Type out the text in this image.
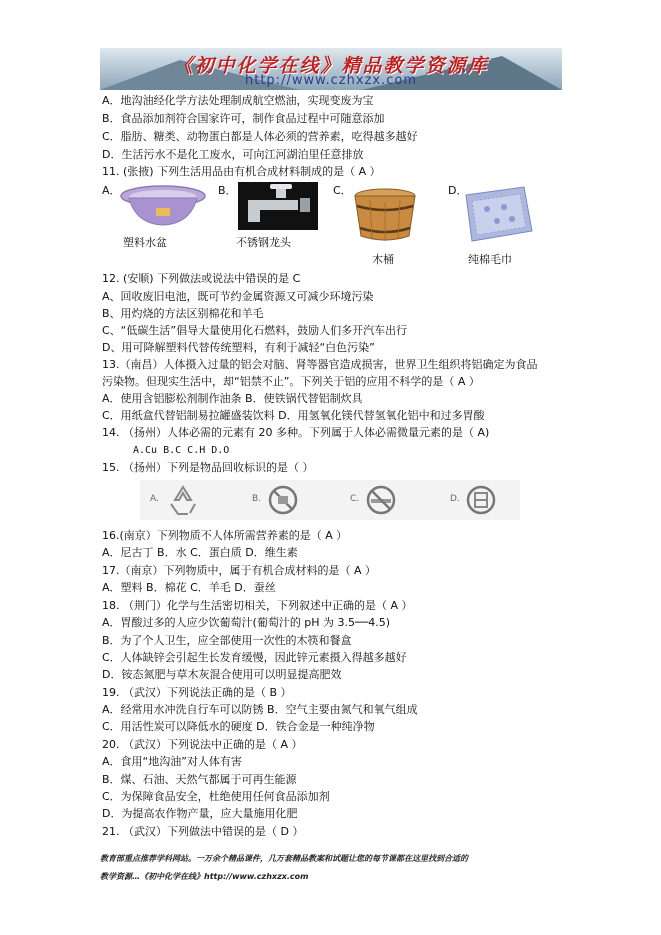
《初中化学在线》精品教学资源库
http://www.czhxzx.com
A．地沟油经化学方法处理制成航空燃油，实现变废为宝
B．食品添加剂符合国家许可，制作食品过程中可随意添加
C．脂肪、糖类、动物蛋白都是人体必须的营养素，吃得越多越好
D．生活污水不是化工废水，可向江河湖泊里任意排放
11. (张掖) 下列生活用品由有机合成材料制成的是（ A ）
A．	B．	C．	D．
塑料水盆	不锈钢龙头
木桶	纯棉毛巾
12. (安顺) 下列做法或说法中错误的是 C
A、回收废旧电池，既可节约金属资源又可减少环境污染
B、用灼烧的方法区别棉花和羊毛
C、“低碳生活”倡导大量使用化石燃料，鼓励人们多开汽车出行
D、用可降解塑料代替传统塑料，有利于减轻“白色污染”
13.（南昌）人体摄入过量的铝会对脑、肾等器官造成损害，世界卫生组织将铝确定为食品
污染物。但现实生活中，却“铝禁不止”。下列关于铝的应用不科学的是（ A ）
A．使用含铝膨松剂制作油条 B．使铁锅代替铝制炊具
C．用纸盒代替铝制易拉罐盛装饮料 D．用氢氧化镁代替氢氧化铝中和过多胃酸
14. （扬州）人体必需的元素有 20 多种。下列属于人体必需微量元素的是（ A)
A.Cu B.C C.H D.O
15. （扬州）下列是物品回收标识的是（ ）
A.	B.	C.	D.
16.(南京）下列物质不人体所需营养素的是（ A ）
A．尼古丁 B．水 C．蛋白质 D．维生素
17.（南京）下列物质中，属于有机合成材料的是（ A ）
A．塑料 B．棉花 C．羊毛 D．蚕丝
18. （荆门）化学与生活密切相关，下列叙述中正确的是（ A ）
A．胃酸过多的人应少饮葡萄汁(葡萄汁的 pH 为 3.5──4.5)
B．为了个人卫生，应全部使用一次性的木筷和餐盒
C．人体缺锌会引起生长发育缓慢，因此锌元素摄入得越多越好
D．铵态氮肥与草木灰混合使用可以明显提高肥效
19. （武汉）下列说法正确的是（ B ）
A．经常用水冲洗自行车可以防锈 B．空气主要由氮气和氧气组成
C．用活性炭可以降低水的硬度 D．铁合金是一种纯净物
20. （武汉）下列说法中正确的是（ A ）
A．食用“地沟油”对人体有害
B．煤、石油、天然气都属于可再生能源
C．为保障食品安全，杜绝使用任何食品添加剂
D．为提高农作物产量，应大量施用化肥
21. （武汉）下列做法中错误的是（ D ）
教育部重点推荐学科网站。一万余个精品课件，几万套精品教案和试题让您的每节课都在这里找到合适的
教学资源…《初中化学在线》http://www.czhxzx.com
